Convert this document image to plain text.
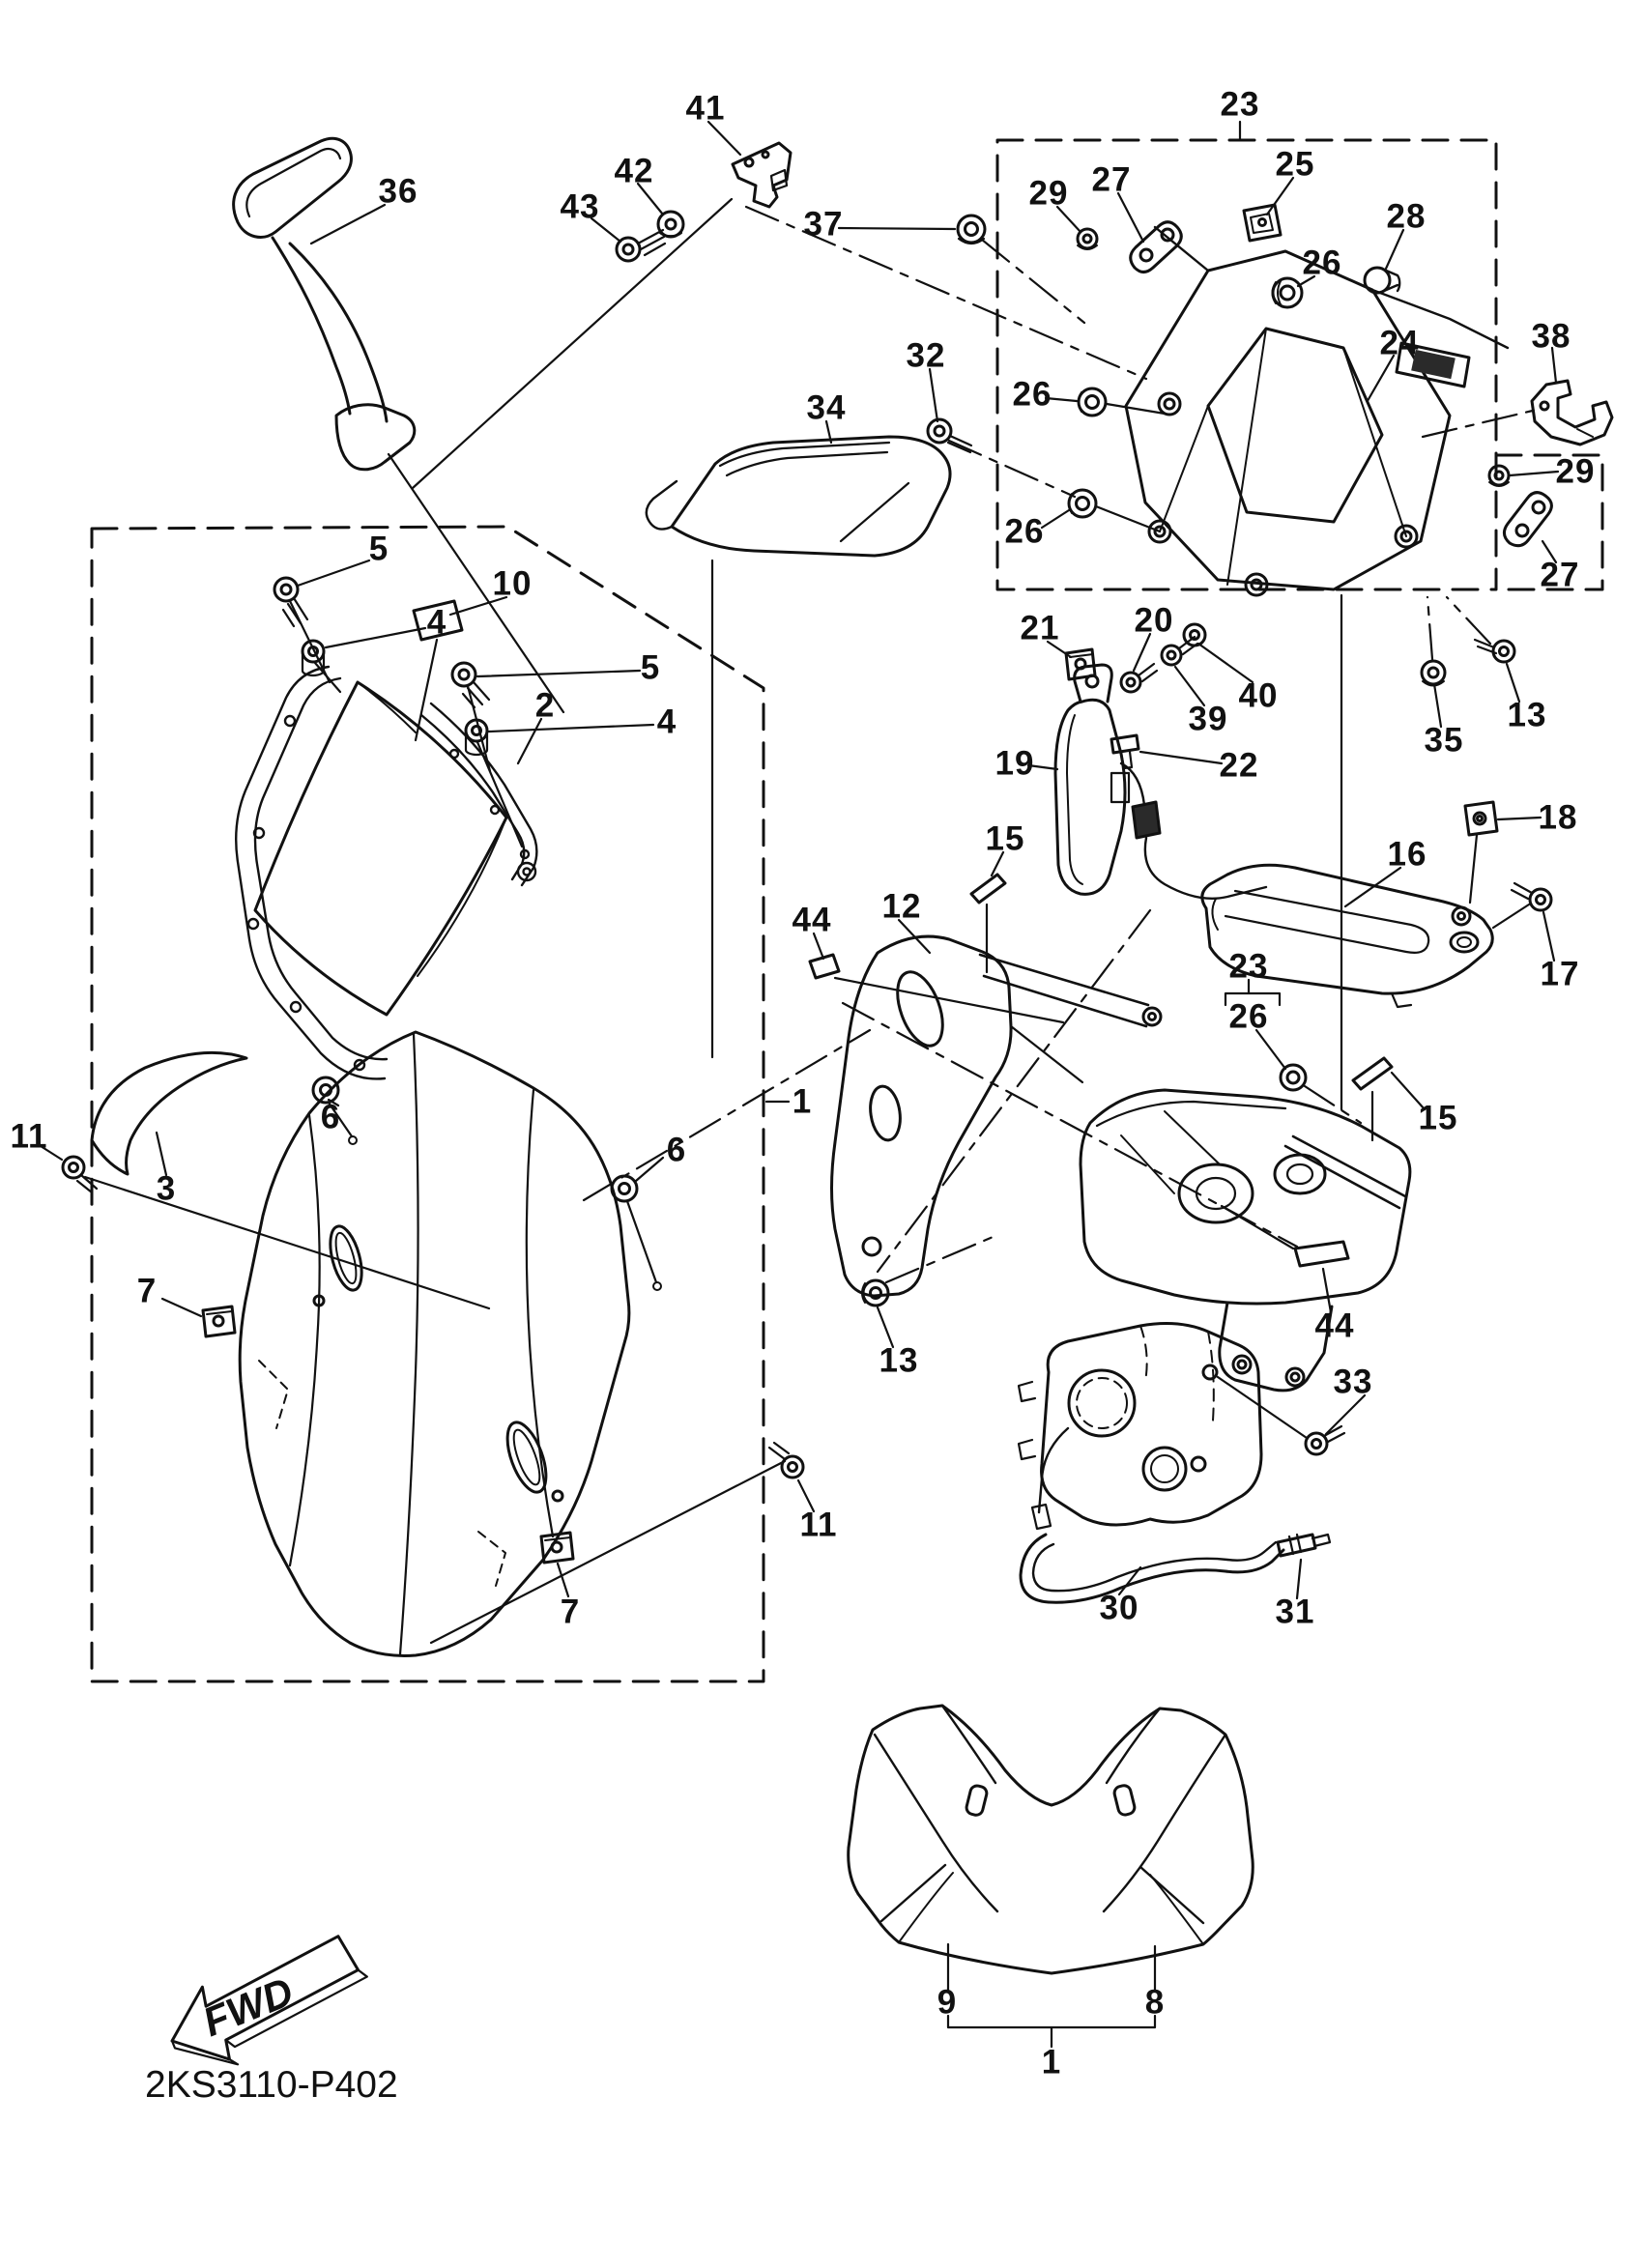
FWD
36	43
42
41
37
23
29 27	25
26
28
24	38
32
26
34
29
26
27
5
10
4
5
2	4
21 20
39
40
13
35
19	22
15
18
16
17
44 12
23
26
15
1
6
6
11
3
7
13
44
33
11
7	30	31
9	8
1
2KS3110-P402
